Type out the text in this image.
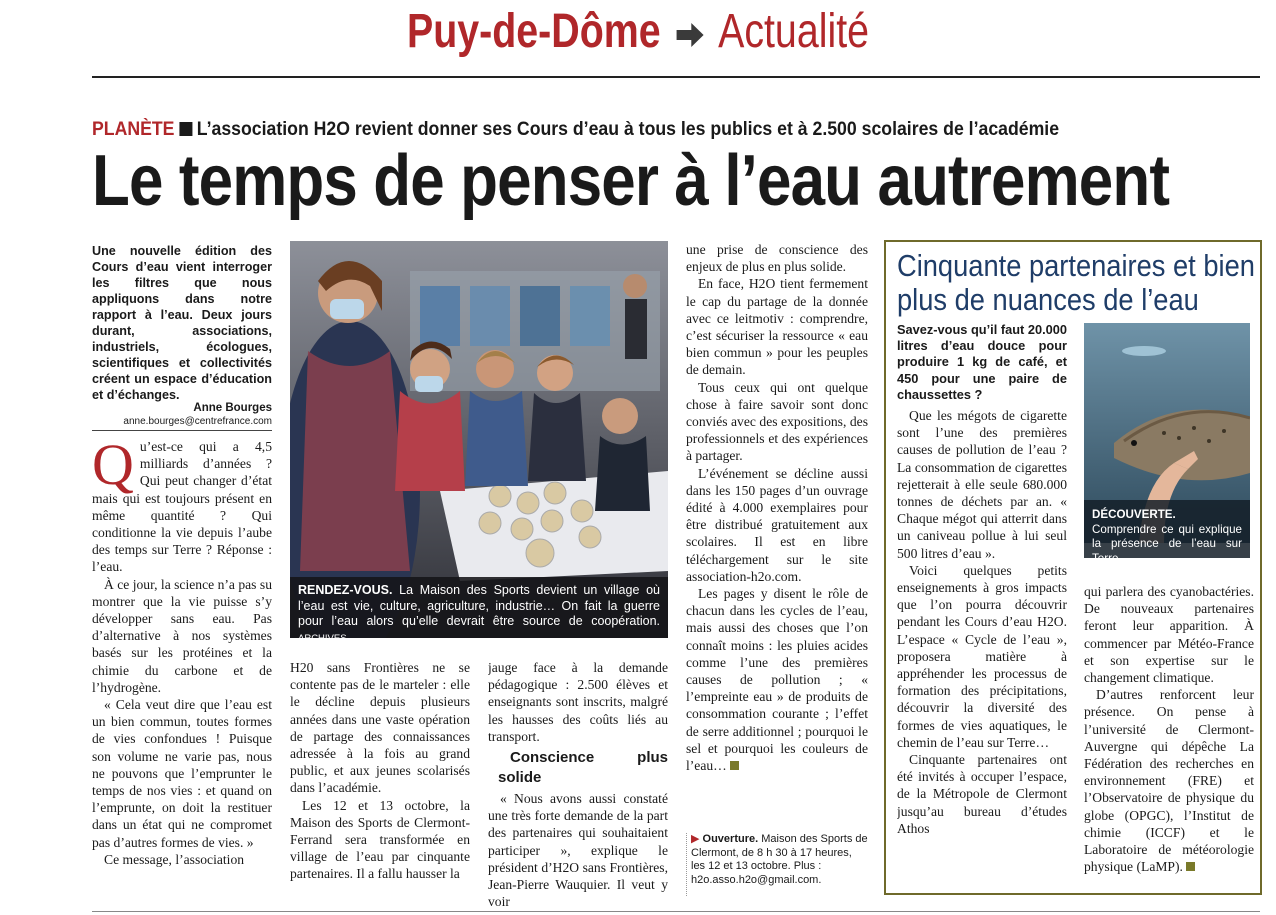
Puy-de-Dôme Actualité
PLANÈTE L’association H2O revient donner ses Cours d’eau à tous les publics et à 2.500 scolaires de l’académie
Le temps de penser à l’eau autrement
Une nouvelle édition des Cours d’eau vient interroger les filtres que nous appliquons dans notre rapport à l’eau. Deux jours durant, associations, industriels, écologues, scientifiques et collectivités créent un espace d’éducation et d’échanges.
Anne Bourges
anne.bourges@centrefrance.com

Qu’est-ce qui a 4,5 milliards d’années ? Qui peut changer d’état mais qui est toujours présent en même quantité ? Qui conditionne la vie depuis l’aube des temps sur Terre ? Réponse : l’eau.

À ce jour, la science n’a pas su montrer que la vie puisse s’y développer sans eau. Pas d’alternative à nos systèmes basés sur les protéines et la chimie du carbone et de l’hydrogène.

« Cela veut dire que l’eau est un bien commun, toutes formes de vies confondues ! Puisque son volume ne varie pas, nous ne pouvons que l’emprunter le temps de nos vies : et quand on l’emprunte, on doit la restituer dans un état qui ne compromet pas d’autres formes de vies. »

Ce message, l’association

RENDEZ-VOUS. La Maison des Sports devient un village où l’eau est vie, culture, agriculture, industrie… On fait la guerre pour l’eau alors qu’elle devrait être source de coopération. ARCHIVES

H20 sans Frontières ne se contente pas de le marteler : elle le décline depuis plusieurs années dans une vaste opération de partage des connaissances adressée à la fois au grand public, et aux jeunes scolarisés dans l’académie.

Les 12 et 13 octobre, la Maison des Sports de Clermont-Ferrand sera transformée en village de l’eau par cinquante partenaires. Il a fallu hausser la

jauge face à la demande pédagogique : 2.500 élèves et enseignants sont inscrits, malgré les hausses des coûts liés au transport.

Conscience plus solide

« Nous avons aussi constaté une très forte demande de la part des partenaires qui souhaitaient participer », explique le président d’H2O sans Frontières, Jean-Pierre Wauquier. Il veut y voir

une prise de conscience des enjeux de plus en plus solide.

En face, H2O tient fermement le cap du partage de la donnée avec ce leitmotiv : comprendre, c’est sécuriser la ressource « eau bien commun » pour les peuples de demain.

Tous ceux qui ont quelque chose à faire savoir sont donc conviés avec des expositions, des professionnels et des expériences à partager.

L’événement se décline aussi dans les 150 pages d’un ouvrage édité à 4.000 exemplaires pour être distribué gratuitement aux scolaires. Il est en libre téléchargement sur le site association-h2o.com.

Les pages y disent le rôle de chacun dans les cycles de l’eau, mais aussi des choses que l’on connaît moins : les pluies acides comme l’une des premières causes de pollution ; « l’empreinte eau » de produits de consommation courante ; l’effet de serre additionnel ; pourquoi le sel et pourquoi les couleurs de l’eau…

▶ Ouverture. Maison des Sports de Clermont, de 8 h 30 à 17 heures, les 12 et 13 octobre. Plus : h2o.asso.h2o@gmail.com.
Cinquante partenaires et bien
plus de nuances de l’eau
Savez-vous qu’il faut 20.000 litres d’eau douce pour produire 1 kg de café, et 450 pour une paire de chaussettes ?
DÉCOUVERTE. Comprendre ce qui explique la présence de l’eau sur Terre.

Que les mégots de cigarette sont l’une des premières causes de pollution de l’eau ? La consommation de cigarettes rejetterait à elle seule 680.000 tonnes de déchets par an. « Chaque mégot qui atterrit dans un caniveau pollue à lui seul 500 litres d’eau ».

Voici quelques petits enseignements à gros impacts que l’on pourra découvrir pendant les Cours d’eau H2O. L’espace « Cycle de l’eau », proposera matière à appréhender les processus de formation des précipitations, découvrir la diversité des formes de vies aquatiques, le chemin de l’eau sur Terre…

Cinquante partenaires ont été invités à occuper l’espace, de la Métropole de Clermont jusqu’au bureau d’études Athos

qui parlera des cyanobactéries. De nouveaux partenaires feront leur apparition. À commencer par Météo-France et son expertise sur le changement climatique.

D’autres renforcent leur présence. On pense à l’université de Clermont-Auvergne qui dépêche La Fédération des recherches en environnement (FRE) et l’Observatoire de physique du globe (OPGC), l’Institut de chimie (ICCF) et le Laboratoire de météorologie physique (LaMP).
